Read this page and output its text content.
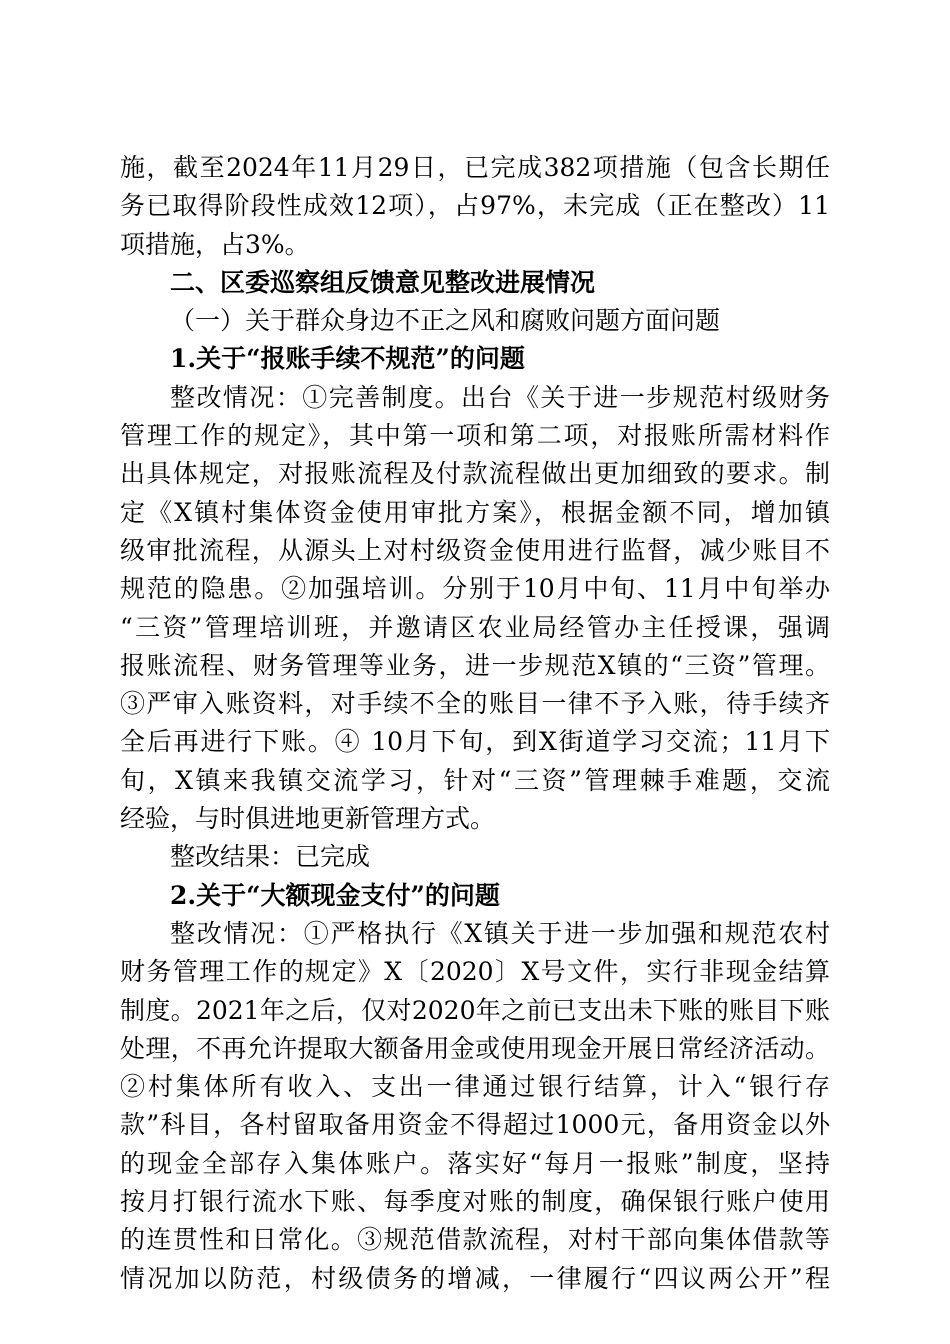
施，截至2024年11月29日，已完成382项措施（包含长期任
务已取得阶段性成效12项），占97%，未完成（正在整改）11
项措施，占3%。
二、区委巡察组反馈意见整改进展情况
（一）关于群众身边不正之风和腐败问题方面问题
1.关于“报账手续不规范”的问题
整改情况：①完善制度。出台《关于进一步规范村级财务
管理工作的规定》，其中第一项和第二项，对报账所需材料作
出具体规定，对报账流程及付款流程做出更加细致的要求。制
定《X镇村集体资金使用审批方案》，根据金额不同，增加镇
级审批流程，从源头上对村级资金使用进行监督，减少账目不
规范的隐患。②加强培训。分别于10月中旬、11月中旬举办
“三资”管理培训班，并邀请区农业局经管办主任授课，强调
报账流程、财务管理等业务，进一步规范X镇的“三资”管理。
③严审入账资料，对手续不全的账目一律不予入账，待手续齐
全后再进行下账。④ 10月下旬，到X街道学习交流；11月下
旬，X镇来我镇交流学习，针对“三资”管理棘手难题，交流
经验，与时俱进地更新管理方式。
整改结果：已完成
2.关于“大额现金支付”的问题
整改情况：①严格执行《X镇关于进一步加强和规范农村
财务管理工作的规定》X〔2020〕X号文件，实行非现金结算
制度。2021年之后，仅对2020年之前已支出未下账的账目下账
处理，不再允许提取大额备用金或使用现金开展日常经济活动。
②村集体所有收入、支出一律通过银行结算，计入“银行存
款”科目，各村留取备用资金不得超过1000元，备用资金以外
的现金全部存入集体账户。落实好“每月一报账”制度，坚持
按月打银行流水下账、每季度对账的制度，确保银行账户使用
的连贯性和日常化。③规范借款流程，对村干部向集体借款等
情况加以防范，村级债务的增减，一律履行“四议两公开”程
